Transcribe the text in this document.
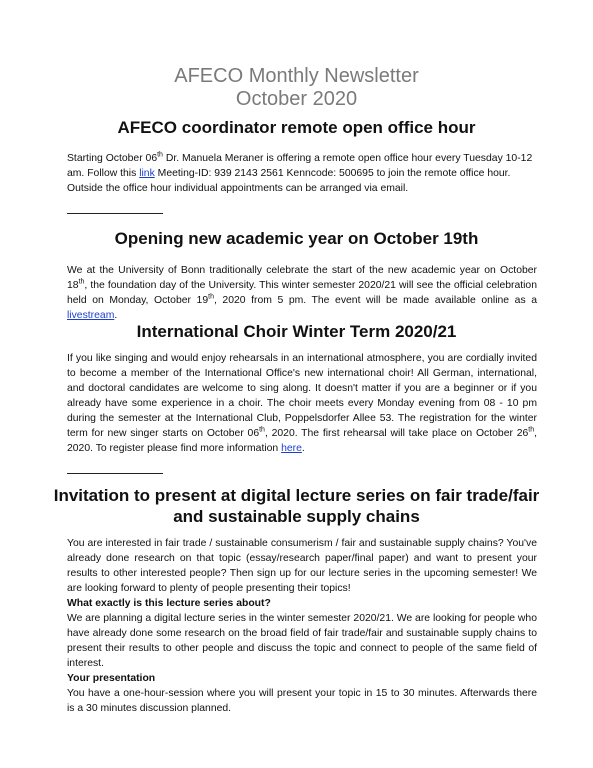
AFECO Monthly Newsletter
October 2020
AFECO coordinator remote open office hour

Starting October 06th Dr. Manuela Meraner is offering a remote open office hour every Tuesday 10-12 am. Follow this link Meeting-ID: 939 2143 2561 Kenncode: 500695 to join the remote office hour. Outside the office hour individual appointments can be arranged via email.

Opening new academic year on October 19th

We at the University of Bonn traditionally celebrate the start of the new academic year on October 18th, the foundation day of the University. This winter semester 2020/21 will see the official celebration held on Monday, October 19th, 2020 from 5 pm. The event will be made available online as a livestream.

International Choir Winter Term 2020/21

If you like singing and would enjoy rehearsals in an international atmosphere, you are cordially invited to become a member of the International Office's new international choir! All German, international, and doctoral candidates are welcome to sing along. It doesn't matter if you are a beginner or if you already have some experience in a choir. The choir meets every Monday evening from 08 - 10 pm during the semester at the International Club, Poppelsdorfer Allee 53. The registration for the winter term for new singer starts on October 06th, 2020. The first rehearsal will take place on October 26th, 2020. To register please find more information here.

Invitation to present at digital lecture series on fair trade/fair
and sustainable supply chains
You are interested in fair trade / sustainable consumerism / fair and sustainable supply chains? You've already done research on that topic (essay/research paper/final paper) and want to present your results to other interested people? Then sign up for our lecture series in the upcoming semester! We are looking forward to plenty of people presenting their topics!
What exactly is this lecture series about?
We are planning a digital lecture series in the winter semester 2020/21. We are looking for people who have already done some research on the broad field of fair trade/fair and sustainable supply chains to present their results to other people and discuss the topic and connect to people of the same field of interest.
Your presentation
You have a one-hour-session where you will present your topic in 15 to 30 minutes. Afterwards there is a 30 minutes discussion planned.
